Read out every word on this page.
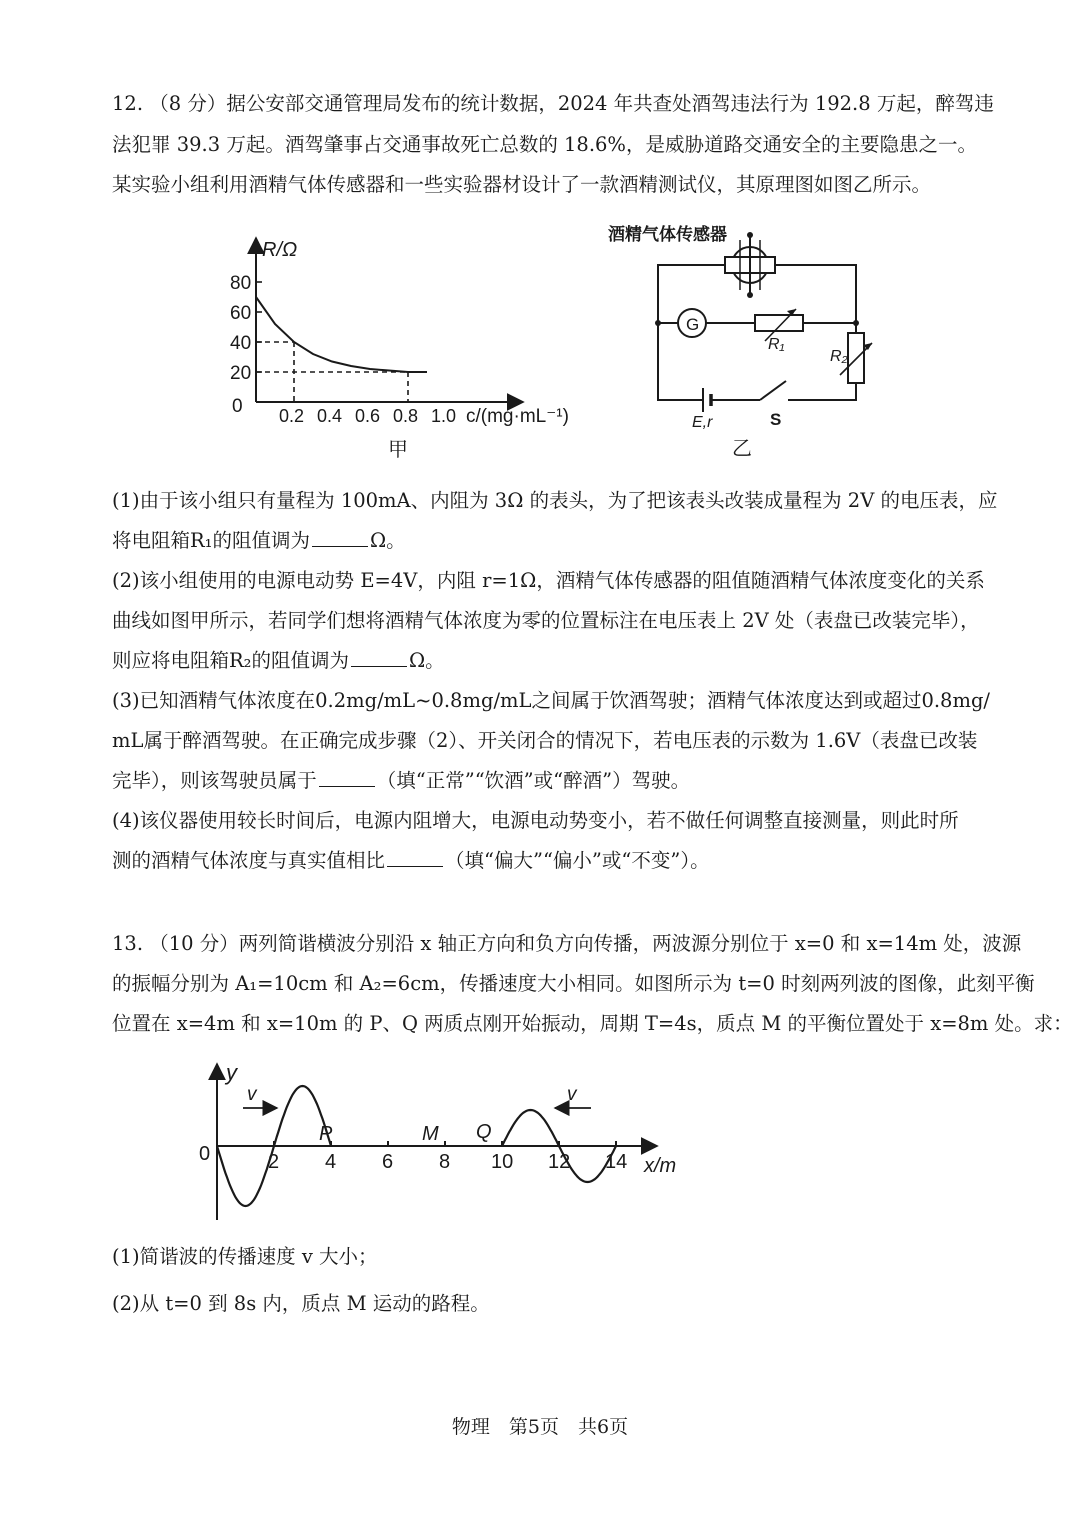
12. （8 分）据公安部交通管理局发布的统计数据，2024 年共查处酒驾违法行为 192.8 万起，醉驾违

法犯罪 39.3 万起。酒驾肇事占交通事故死亡总数的 18.6%，是威胁道路交通安全的主要隐患之一。

某实验小组利用酒精气体传感器和一些实验器材设计了一款酒精测试仪，其原理图如图乙所示。

R/Ω
0
20
40
60
80
0.2 0.4 0.6 0.8 1.0 c/(mg·mL⁻¹)
甲
酒精气体传感器
G
R₁
R₂
E,r	S
乙

(1)由于该小组只有量程为 100mA、内阻为 3Ω 的表头，为了把该表头改装成量程为 2V 的电压表，应

将电阻箱R₁的阻值调为	Ω。

(2)该小组使用的电源电动势 E=4V，内阻 r=1Ω，酒精气体传感器的阻值随酒精气体浓度变化的关系

曲线如图甲所示，若同学们想将酒精气体浓度为零的位置标注在电压表上 2V 处（表盘已改装完毕），

则应将电阻箱R₂的阻值调为	Ω。

(3)已知酒精气体浓度在0.2mg/mL~0.8mg/mL之间属于饮酒驾驶；酒精气体浓度达到或超过0.8mg/

mL属于醉酒驾驶。在正确完成步骤（2）、开关闭合的情况下，若电压表的示数为 1.6V（表盘已改装

完毕），则该驾驶员属于	（填“正常”“饮酒”或“醉酒”）驾驶。

(4)该仪器使用较长时间后，电源内阻增大，电源电动势变小，若不做任何调整直接测量，则此时所

测的酒精气体浓度与真实值相比	（填“偏大”“偏小”或“不变”）。

13. （10 分）两列简谐横波分别沿 x 轴正方向和负方向传播，两波源分别位于 x=0 和 x=14m 处，波源

的振幅分别为 A₁=10cm 和 A₂=6cm，传播速度大小相同。如图所示为 t=0 时刻两列波的图像，此刻平衡

位置在 x=4m 和 x=10m 的 P、Q 两质点刚开始振动，周期 T=4s，质点 M 的平衡位置处于 x=8m 处。求：

y
0	2 4 6 8 10 12 14 x/m
P	M Q
v	v

(1)简谐波的传播速度 v 大小；

(2)从 t=0 到 8s 内，质点 M 运动的路程。

物理　第5页　共6页
